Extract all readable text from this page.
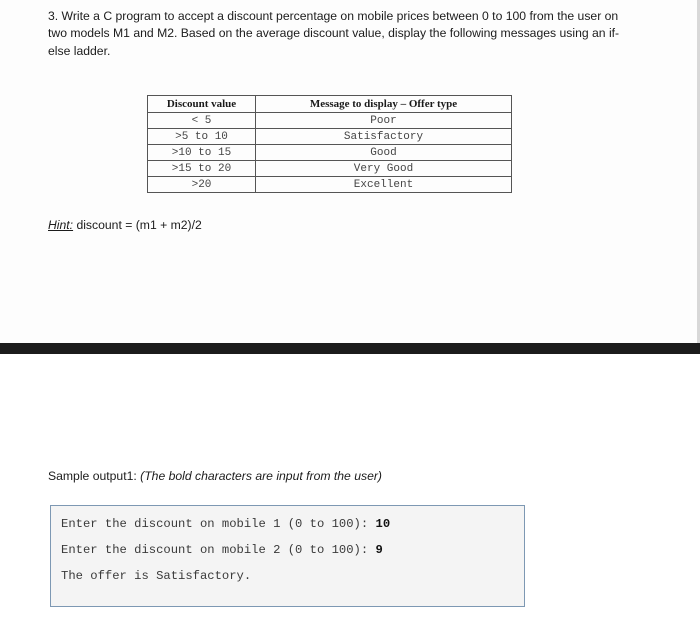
3. Write a C program to accept a discount percentage on mobile prices between 0 to 100 from the user on two models M1 and M2. Based on the average discount value, display the following messages using an if-else ladder.

Discount value	Message to display – Offer type
< 5	Poor
>5 to 10	Satisfactory
>10 to 15	Good
>15 to 20	Very Good
>20	Excellent
Hint: discount = (m1 + m2)/2
Sample output1: (The bold characters are input from the user)
Enter the discount on mobile 1 (0 to 100): 10
Enter the discount on mobile 2 (0 to 100): 9
The offer is Satisfactory.
